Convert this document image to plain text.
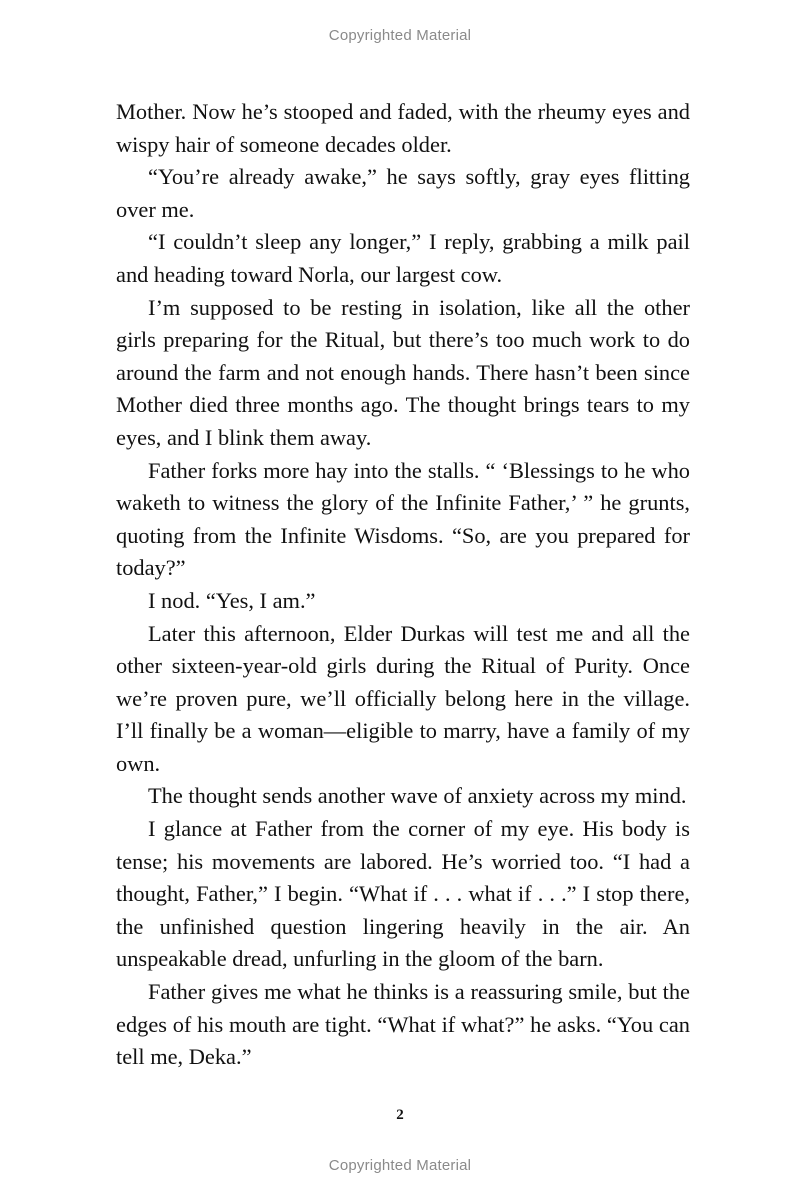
Copyrighted Material

Mother. Now he’s stooped and faded, with the rheumy eyes and wispy hair of someone decades older.

“You’re already awake,” he says softly, gray eyes flitting over me.

“I couldn’t sleep any longer,” I reply, grabbing a milk pail and heading toward Norla, our largest cow.

I’m supposed to be resting in isolation, like all the other girls preparing for the Ritual, but there’s too much work to do around the farm and not enough hands. There hasn’t been since Mother died three months ago. The thought brings tears to my eyes, and I blink them away.

Father forks more hay into the stalls. “ ‘Blessings to he who waketh to witness the glory of the Infinite Father,’ ” he grunts, quoting from the Infinite Wisdoms. “So, are you prepared for today?”

I nod. “Yes, I am.”

Later this afternoon, Elder Durkas will test me and all the other sixteen-year-old girls during the Ritual of Purity. Once we’re proven pure, we’ll officially belong here in the village. I’ll finally be a woman—eligible to marry, have a family of my own.

The thought sends another wave of anxiety across my mind.

I glance at Father from the corner of my eye. His body is tense; his movements are labored. He’s worried too. “I had a thought, Father,” I begin. “What if . . . what if . . .” I stop there, the unfinished question lingering heavily in the air. An unspeakable dread, unfurling in the gloom of the barn.

Father gives me what he thinks is a reassuring smile, but the edges of his mouth are tight. “What if what?” he asks. “You can tell me, Deka.”

2
Copyrighted Material
